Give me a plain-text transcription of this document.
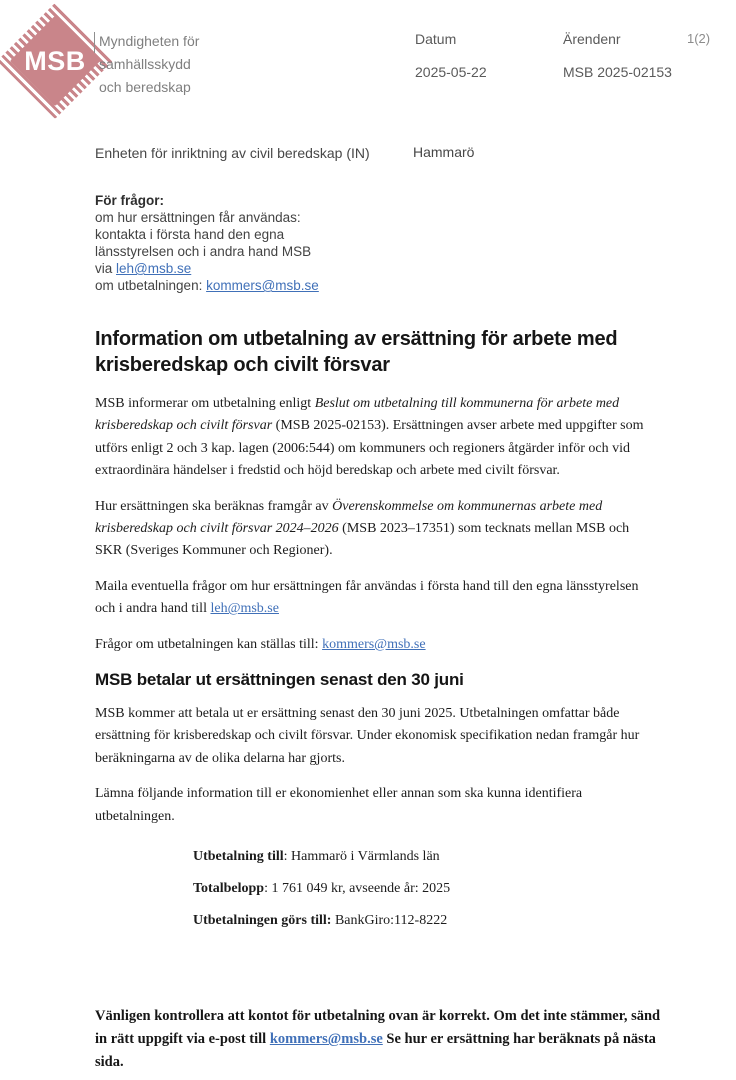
MSB
Myndigheten för
samhällsskydd
och beredskap
Datum
2025-05-22
Ärendenr
MSB 2025-02153
1(2)
Enheten för inriktning av civil beredskap (IN)	Hammarö
För frågor:
om hur ersättningen får användas:
kontakta i första hand den egna
länsstyrelsen och i andra hand MSB
via leh@msb.se
om utbetalningen: kommers@msb.se
Information om utbetalning av ersättning för arbete med krisberedskap och civilt försvar

MSB informerar om utbetalning enligt Beslut om utbetalning till kommunerna för arbete med krisberedskap och civilt försvar (MSB 2025-02153). Ersättningen avser arbete med uppgifter som utförs enligt 2 och 3 kap. lagen (2006:544) om kommuners och regioners åtgärder inför och vid extraordinära händelser i fredstid och höjd beredskap och arbete med civilt försvar.

Hur ersättningen ska beräknas framgår av Överenskommelse om kommunernas arbete med krisberedskap och civilt försvar 2024–2026 (MSB 2023–17351) som tecknats mellan MSB och SKR (Sveriges Kommuner och Regioner).

Maila eventuella frågor om hur ersättningen får användas i första hand till den egna länsstyrelsen och i andra hand till leh@msb.se

Frågor om utbetalningen kan ställas till: kommers@msb.se

MSB betalar ut ersättningen senast den 30 juni

MSB kommer att betala ut er ersättning senast den 30 juni 2025. Utbetalningen omfattar både ersättning för krisberedskap och civilt försvar. Under ekonomisk specifikation nedan framgår hur beräkningarna av de olika delarna har gjorts.

Lämna följande information till er ekonomienhet eller annan som ska kunna identifiera utbetalningen.

Utbetalning till: Hammarö i Värmlands län
Totalbelopp: 1 761 049 kr, avseende år: 2025
Utbetalningen görs till: BankGiro:112-8222
Vänligen kontrollera att kontot för utbetalning ovan är korrekt. Om det inte stämmer, sänd in rätt uppgift via e-post till kommers@msb.se Se hur er ersättning har beräknats på nästa sida.
